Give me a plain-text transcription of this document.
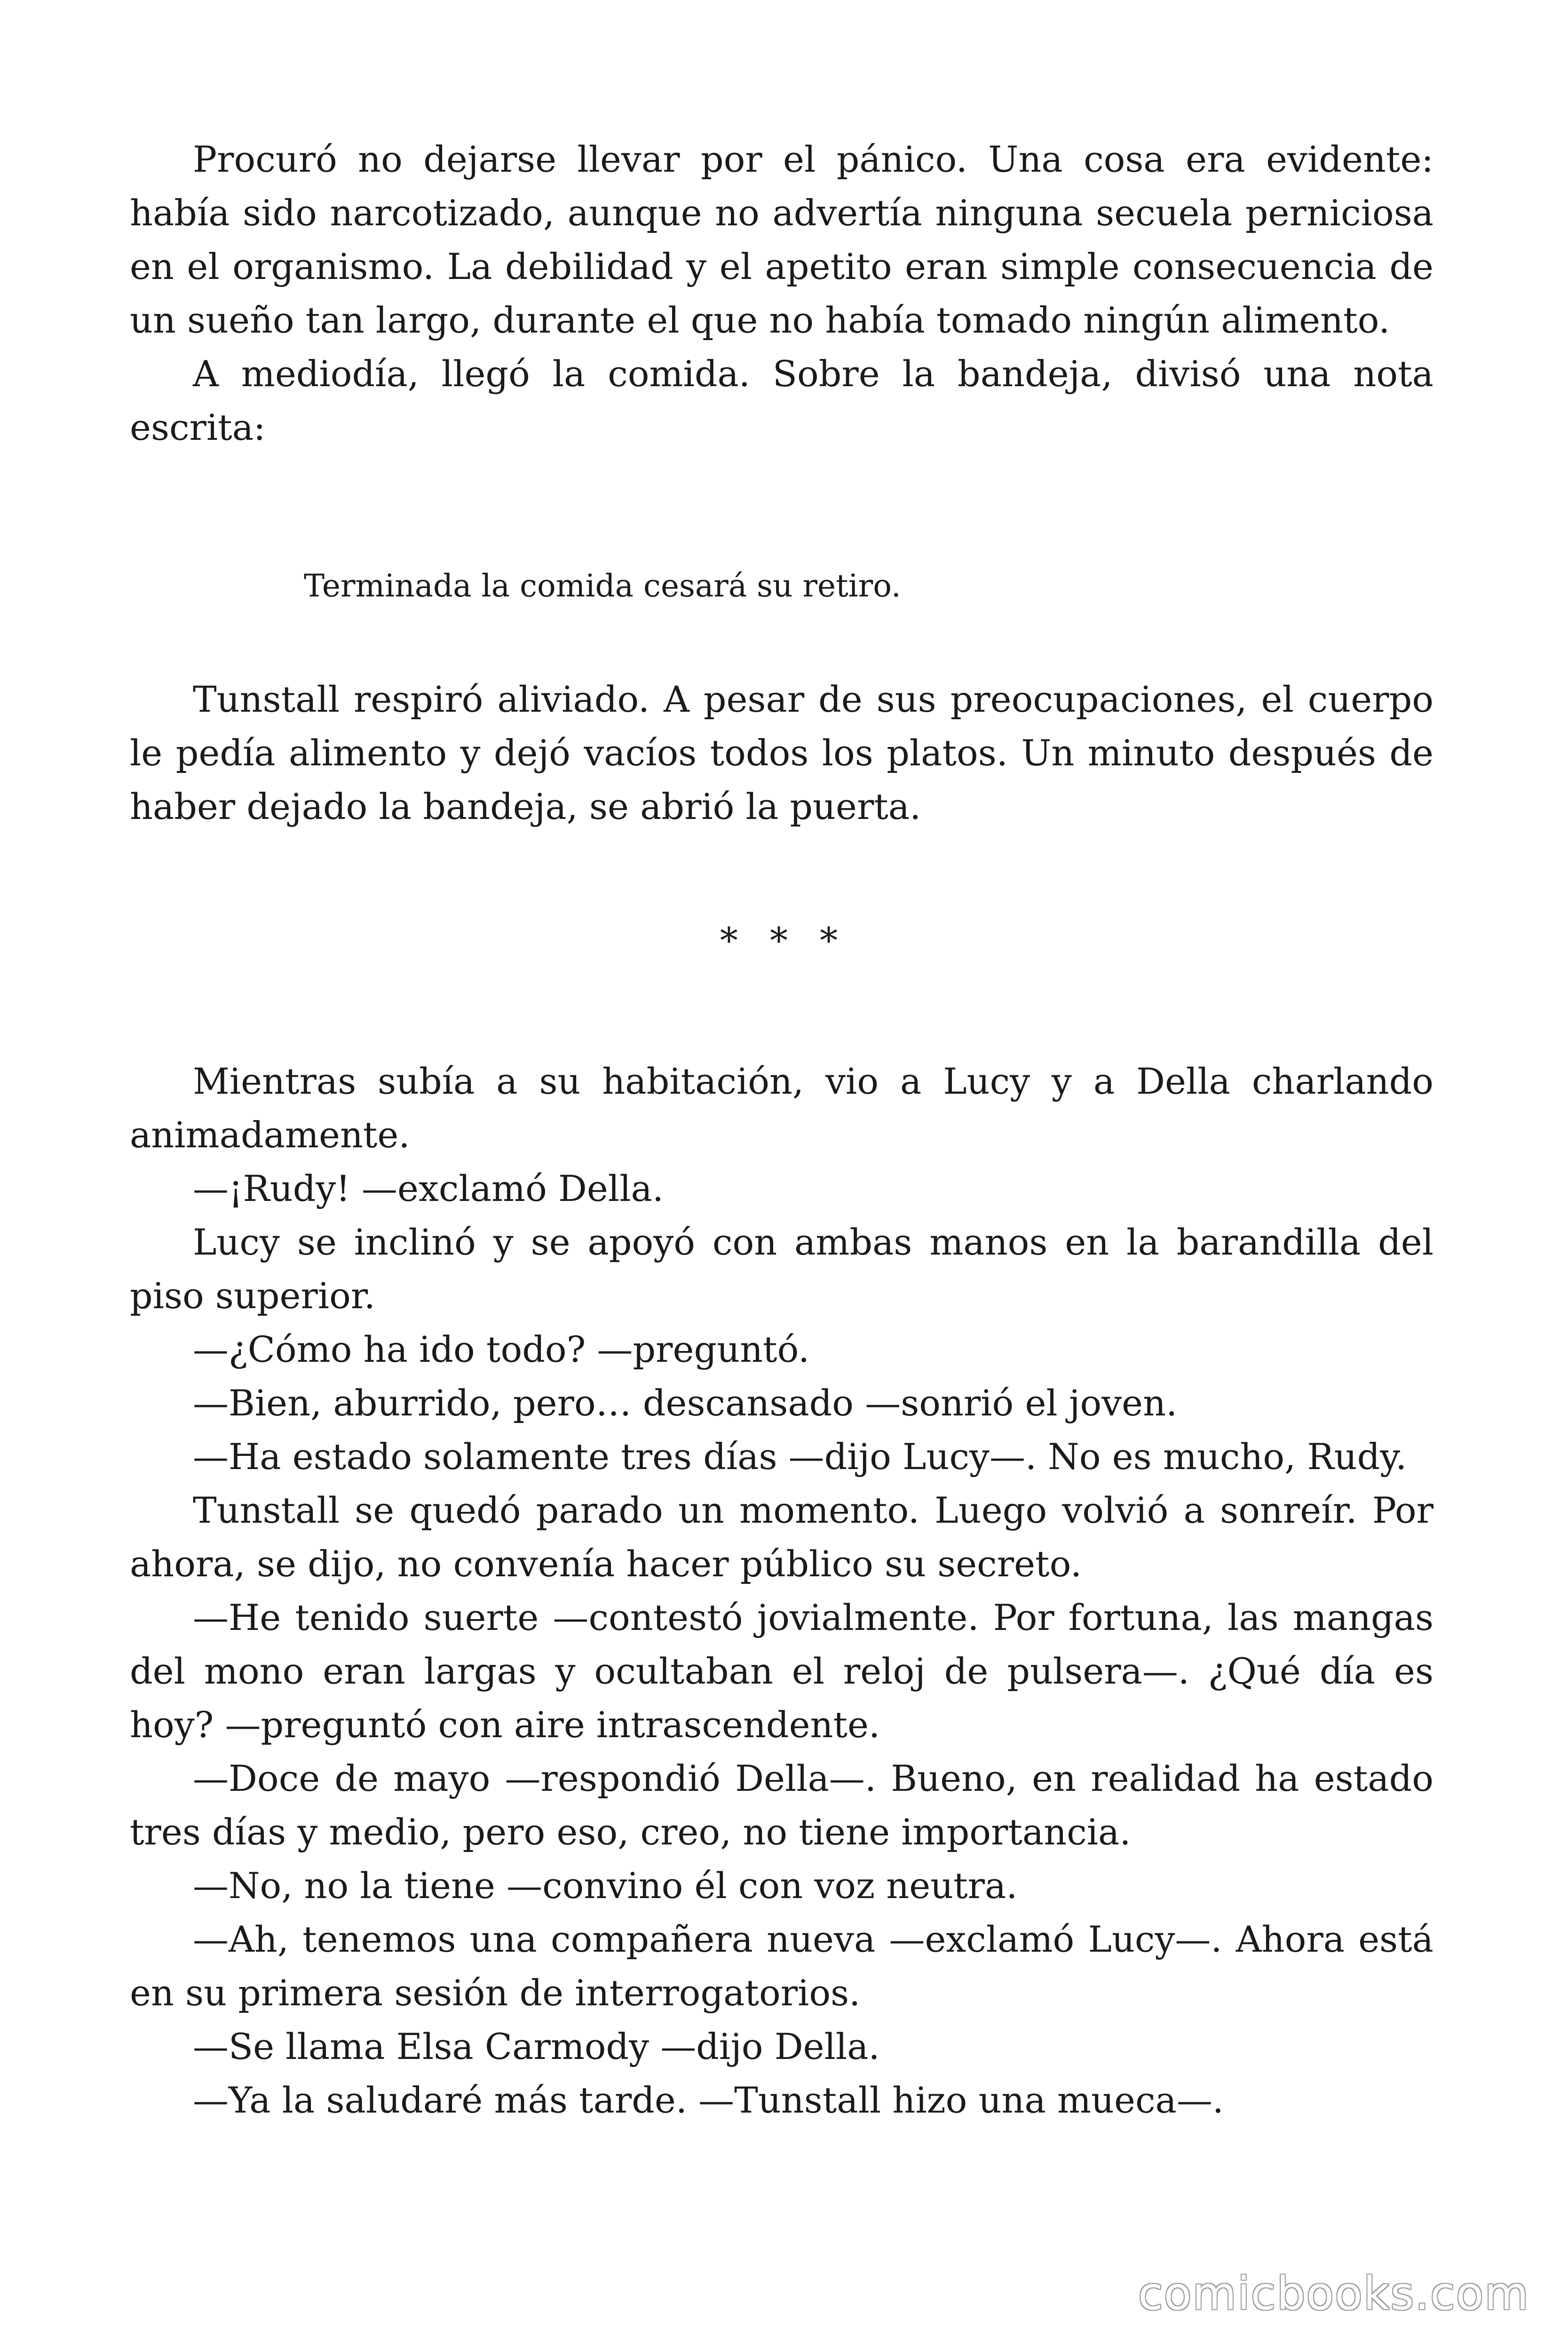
Procuró no dejarse llevar por el pánico. Una cosa era evidente: había sido narcotizado, aunque no advertía ninguna secuela perniciosa en el organismo. La debilidad y el apetito eran simple consecuencia de un sueño tan largo, durante el que no había tomado ningún alimento.

A mediodía, llegó la comida. Sobre la bandeja, divisó una nota escrita:

Terminada la comida cesará su retiro.

Tunstall respiró aliviado. A pesar de sus preocupaciones, el cuerpo le pedía alimento y dejó vacíos todos los platos. Un minuto después de haber dejado la bandeja, se abrió la puerta.

* * *

Mientras subía a su habitación, vio a Lucy y a Della charlando animadamente.

—¡Rudy! —exclamó Della.

Lucy se inclinó y se apoyó con ambas manos en la barandilla del piso superior.

—¿Cómo ha ido todo? —preguntó.

—Bien, aburrido, pero… descansado —sonrió el joven.

—Ha estado solamente tres días —dijo Lucy—. No es mucho, Rudy.

Tunstall se quedó parado un momento. Luego volvió a sonreír. Por ahora, se dijo, no convenía hacer público su secreto.

—He tenido suerte —contestó jovialmente. Por fortuna, las mangas del mono eran largas y ocultaban el reloj de pulsera—. ¿Qué día es hoy? —preguntó con aire intrascendente.

—Doce de mayo —respondió Della—. Bueno, en realidad ha estado tres días y medio, pero eso, creo, no tiene importancia.

—No, no la tiene —convino él con voz neutra.

—Ah, tenemos una compañera nueva —exclamó Lucy—. Ahora está en su primera sesión de interrogatorios.

—Se llama Elsa Carmody —dijo Della.

—Ya la saludaré más tarde. —Tunstall hizo una mueca—.

comicbooks.com
